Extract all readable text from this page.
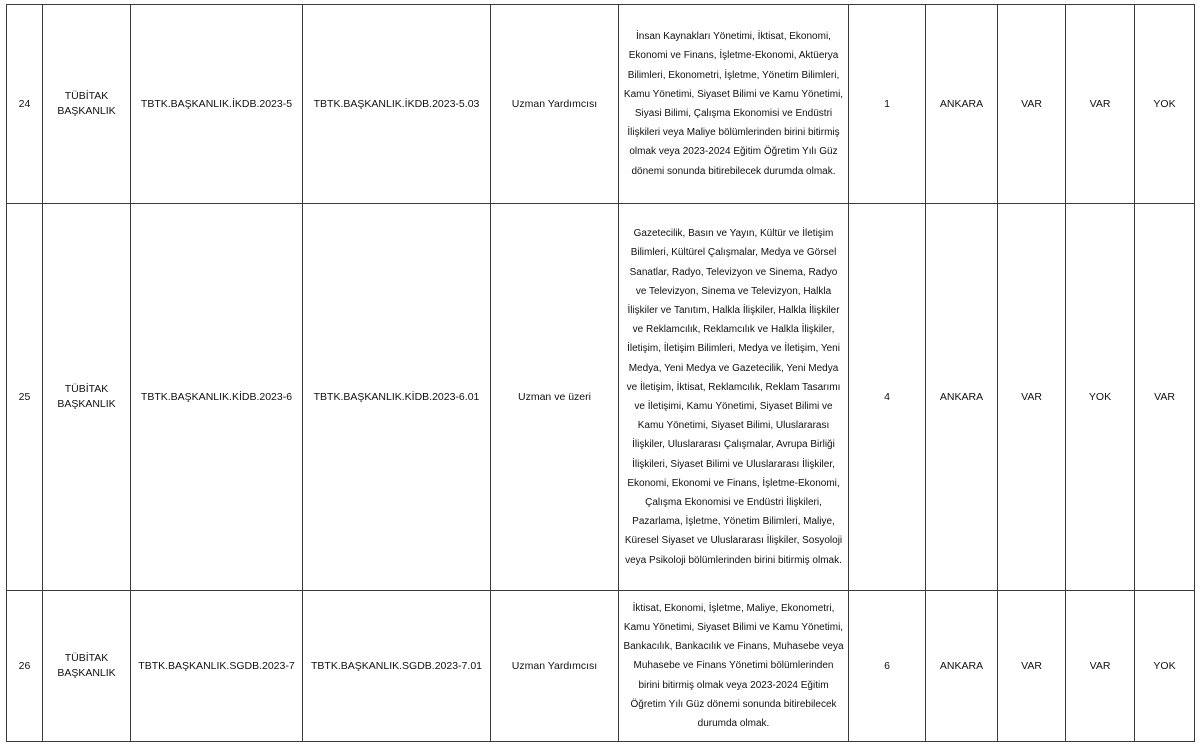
24	TÜBİTAK BAŞKANLIK	TBTK.BAŞKANLIK.İKDB.2023-5	TBTK.BAŞKANLIK.İKDB.2023-5.03	Uzman Yardımcısı	İnsan Kaynakları Yönetimi, İktisat, Ekonomi, Ekonomi ve Finans, İşletme-Ekonomi, Aktüerya Bilimleri, Ekonometri, İşletme, Yönetim Bilimleri, Kamu Yönetimi, Siyaset Bilimi ve Kamu Yönetimi, Siyasi Bilimi, Çalışma Ekonomisi ve Endüstri İlişkileri veya Maliye bölümlerinden birini bitirmiş olmak veya 2023-2024 Eğitim Öğretim Yılı Güz dönemi sonunda bitirebilecek durumda olmak.	1	ANKARA	VAR	VAR	YOK
25	TÜBİTAK BAŞKANLIK	TBTK.BAŞKANLIK.KİDB.2023-6	TBTK.BAŞKANLIK.KİDB.2023-6.01	Uzman ve üzeri	Gazetecilik, Basın ve Yayın, Kültür ve İletişim Bilimleri, Kültürel Çalışmalar, Medya ve Görsel Sanatlar, Radyo, Televizyon ve Sinema, Radyo ve Televizyon, Sinema ve Televizyon, Halkla İlişkiler ve Tanıtım, Halkla İlişkiler, Halkla İlişkiler ve Reklamcılık, Reklamcılık ve Halkla İlişkiler, İletişim, İletişim Bilimleri, Medya ve İletişim, Yeni Medya, Yeni Medya ve Gazetecilik, Yeni Medya ve İletişim, İktisat, Reklamcılık, Reklam Tasarımı ve İletişimi, Kamu Yönetimi, Siyaset Bilimi ve Kamu Yönetimi, Siyaset Bilimi, Uluslararası İlişkiler, Uluslararası Çalışmalar, Avrupa Birliği İlişkileri, Siyaset Bilimi ve Uluslararası İlişkiler, Ekonomi, Ekonomi ve Finans, İşletme-Ekonomi, Çalışma Ekonomisi ve Endüstri İlişkileri, Pazarlama, İşletme, Yönetim Bilimleri, Maliye, Küresel Siyaset ve Uluslararası İlişkiler, Sosyoloji veya Psikoloji bölümlerinden birini bitirmiş olmak.	4	ANKARA	VAR	YOK	VAR
26	TÜBİTAK BAŞKANLIK	TBTK.BAŞKANLIK.SGDB.2023-7	TBTK.BAŞKANLIK.SGDB.2023-7.01	Uzman Yardımcısı	İktisat, Ekonomi, İşletme, Maliye, Ekonometri, Kamu Yönetimi, Siyaset Bilimi ve Kamu Yönetimi, Bankacılık, Bankacılık ve Finans, Muhasebe veya Muhasebe ve Finans Yönetimi bölümlerinden birini bitirmiş olmak veya 2023-2024 Eğitim Öğretim Yılı Güz dönemi sonunda bitirebilecek durumda olmak.	6	ANKARA	VAR	VAR	YOK
